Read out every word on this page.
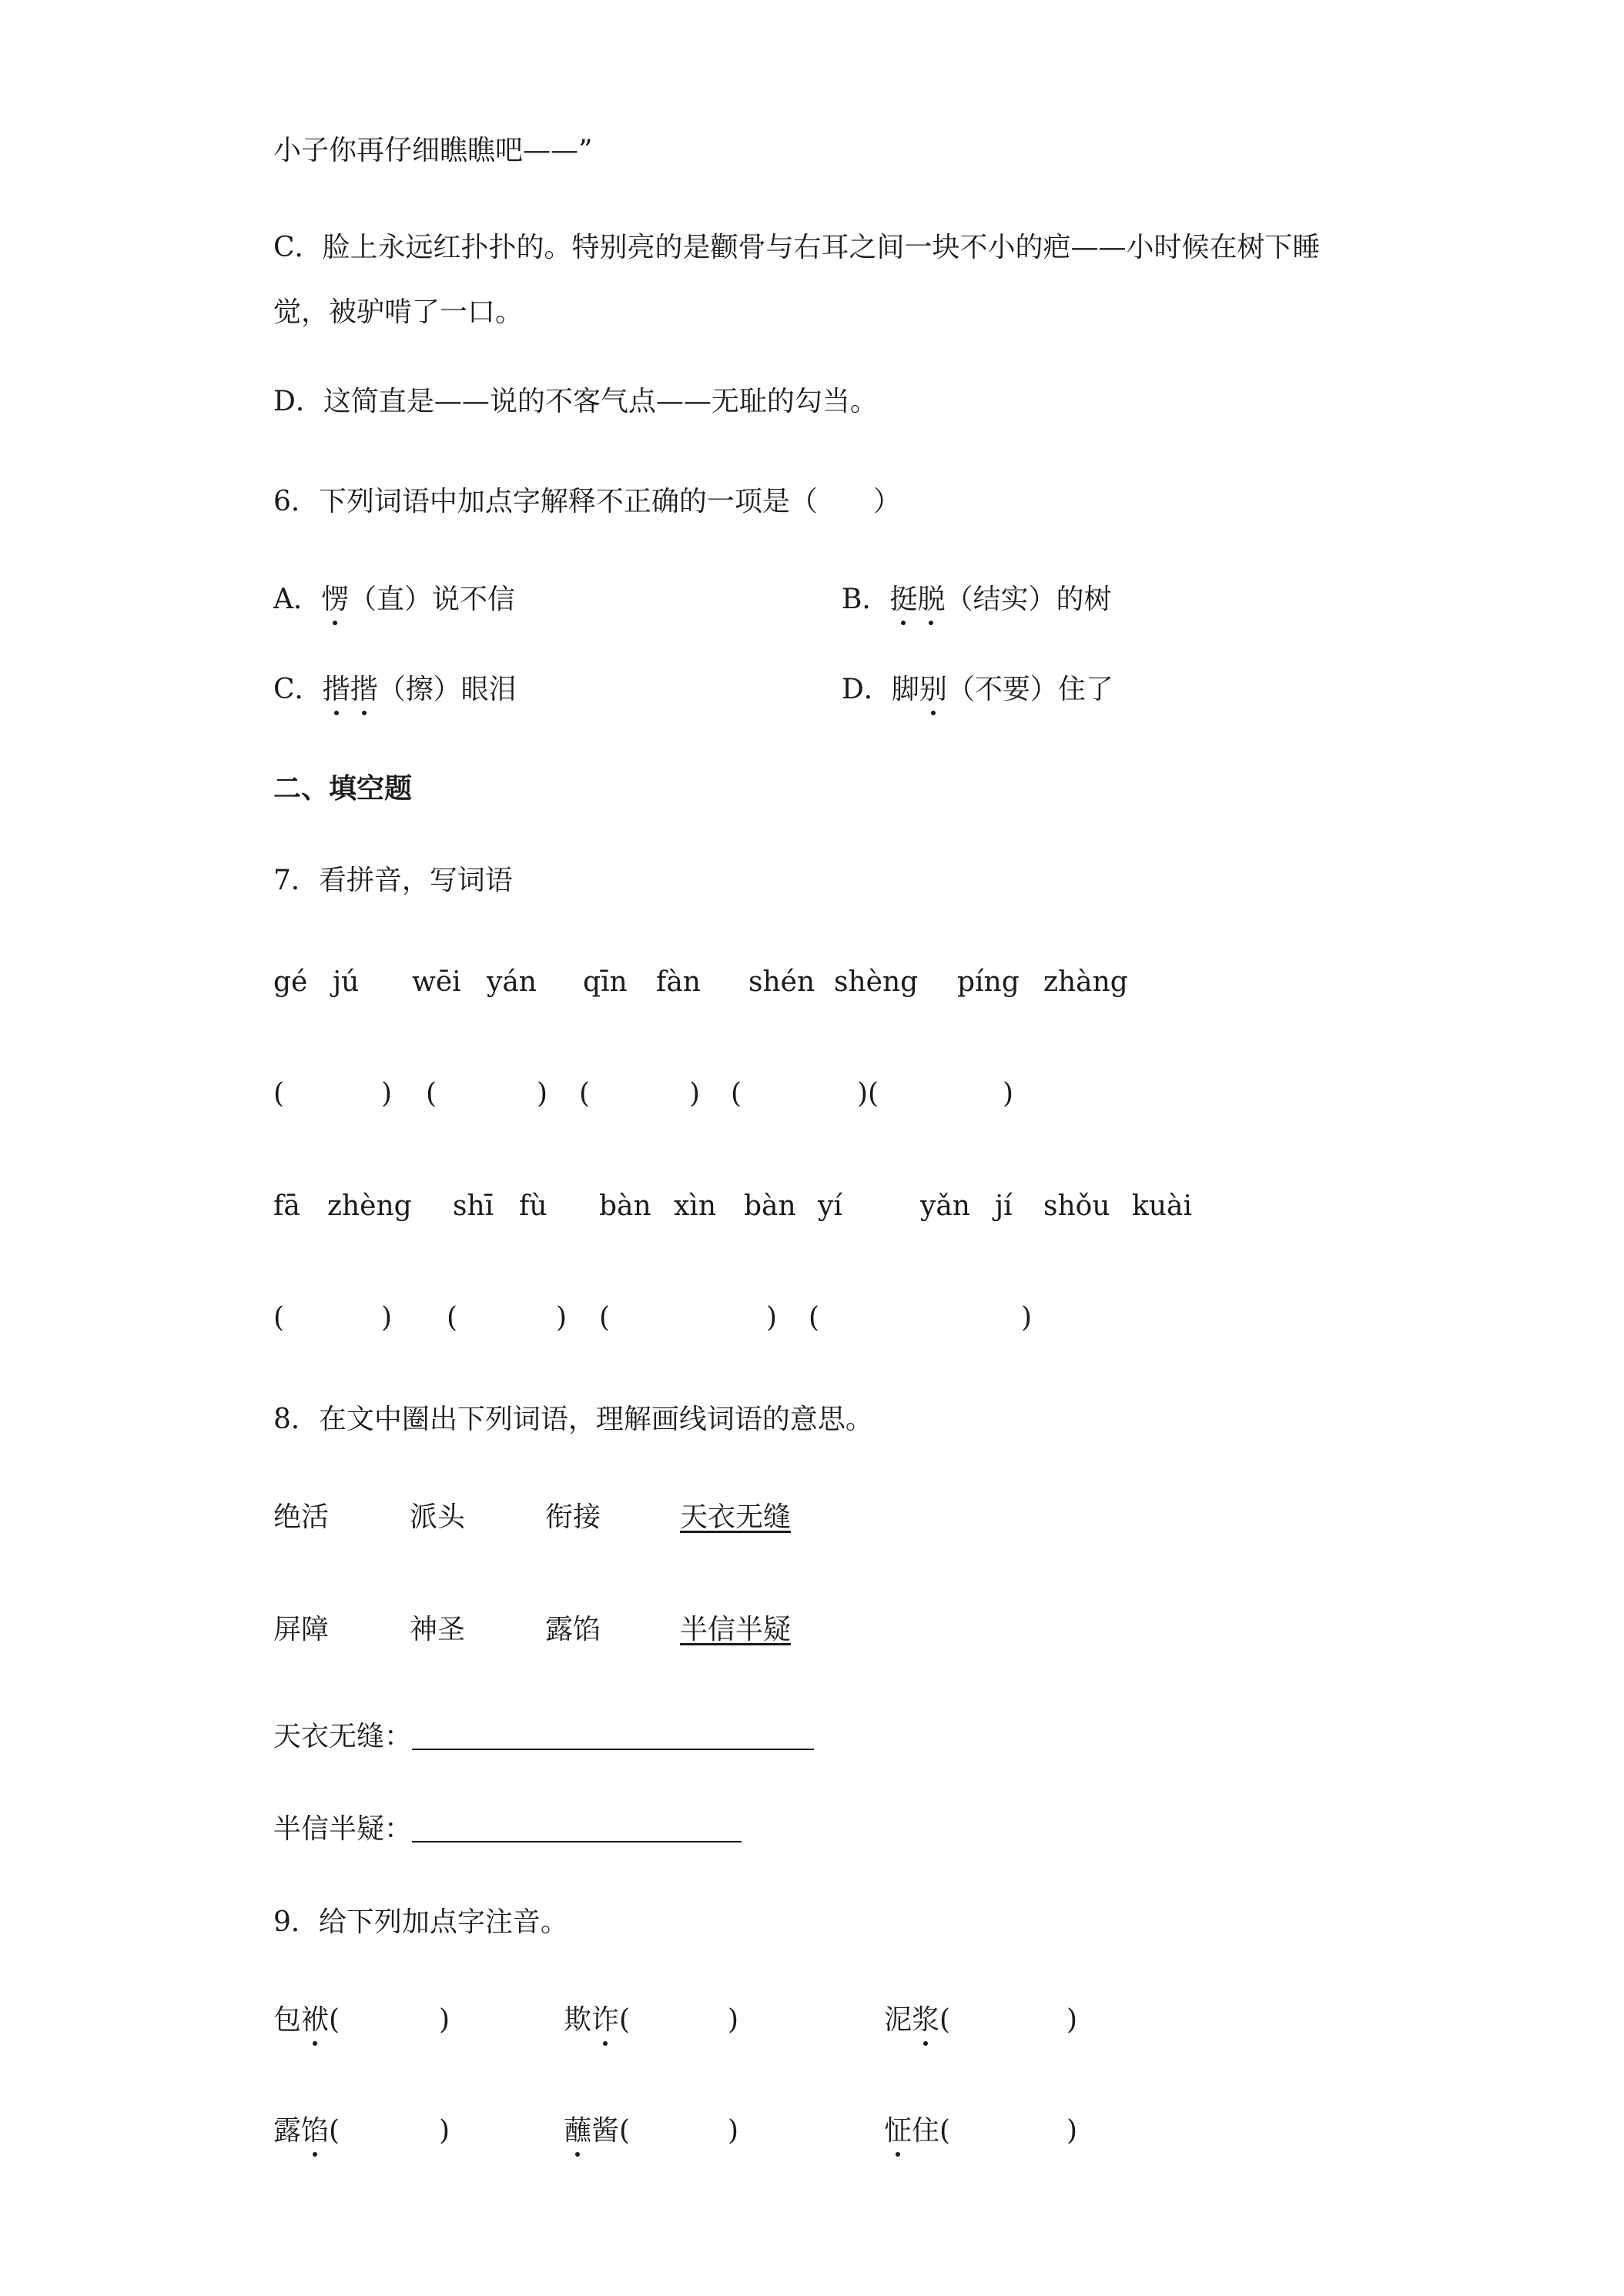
小子你再仔细瞧瞧吧——”
C．脸上永远红扑扑的。特别亮的是颧骨与右耳之间一块不小的疤——小时候在树下睡
觉，被驴啃了一口。
D．这简直是——说的不客气点——无耻的勾当。
6．下列词语中加点字解释不正确的一项是（　　）
A．愣（直）说不信	B．挺脱（结实）的树
C．揩揩（擦）眼泪	D．脚别（不要）住了
二、填空题
7．看拼音，写词语
gé jú wēi yán qīn fàn shén shèng píng zhàng
(	) (	) (	) (	)(	)
fā zhèng shī fù bàn xìn bàn yí	yǎn jí shǒu kuài
(	) (	) (	) (	)
8．在文中圈出下列词语，理解画线词语的意思。
绝活	派头	衔接	天衣无缝
屏障	神圣	露馅	半信半疑
天衣无缝：
半信半疑：
9．给下列加点字注音。
包袱(	)	欺诈(	)	泥浆(	)
露馅(	)	蘸酱(	)	怔住(	)
